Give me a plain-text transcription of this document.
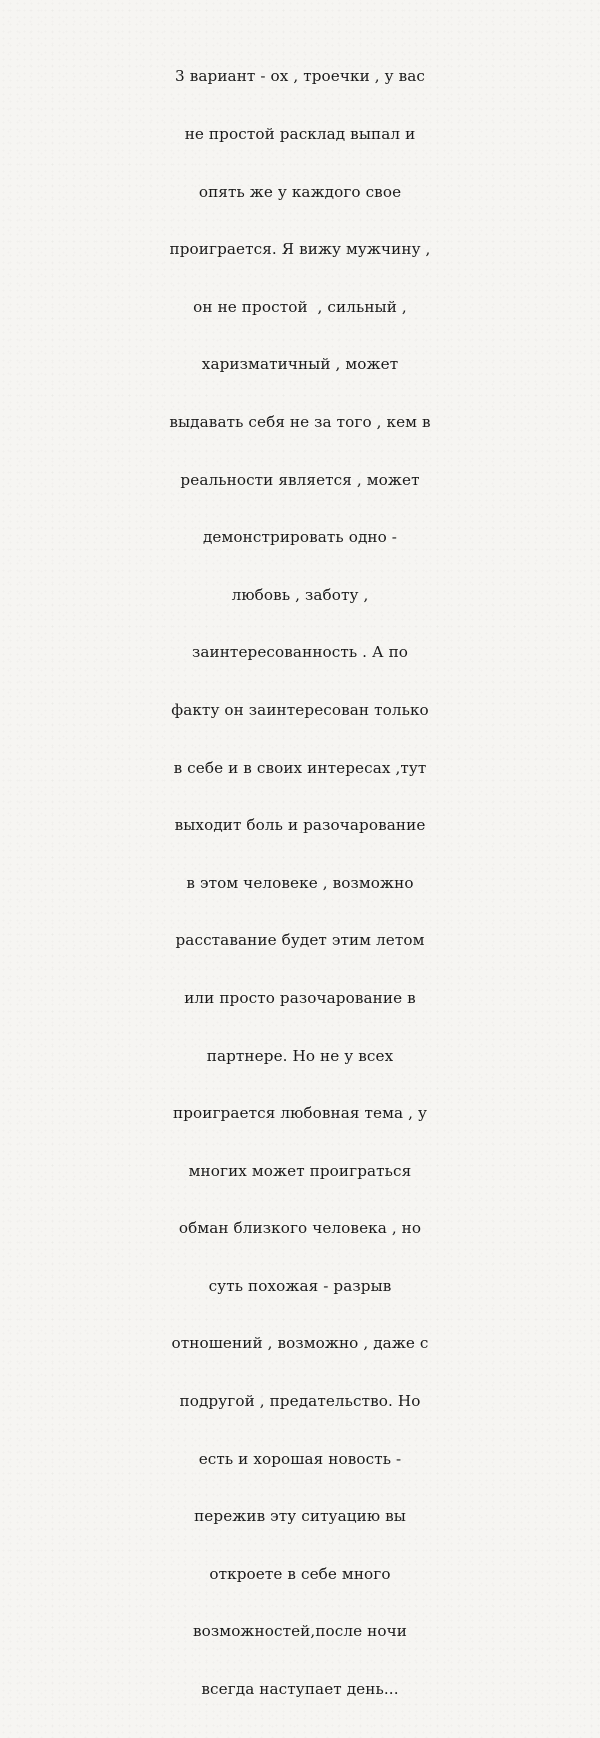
3 вариант - ох , троечки , у вас

не простой расклад выпал и

опять же у каждого свое

проиграется. Я вижу мужчину ,

он не простой  , сильный ,

харизматичный , может

выдавать себя не за того , кем в

реальности является , может

демонстрировать одно -

любовь , заботу ,

заинтересованность . А по

факту он заинтересован только

в себе и в своих интересах ,тут

выходит боль и разочарование

в этом человеке , возможно

расставание будет этим летом

или просто разочарование в

партнере. Но не у всех

проиграется любовная тема , у

многих может проиграться

обман близкого человека , но

суть похожая - разрыв

отношений , возможно , даже с

подругой , предательство. Но

есть и хорошая новость -

пережив эту ситуацию вы

откроете в себе много

возможностей,после ночи

всегда наступает день...
